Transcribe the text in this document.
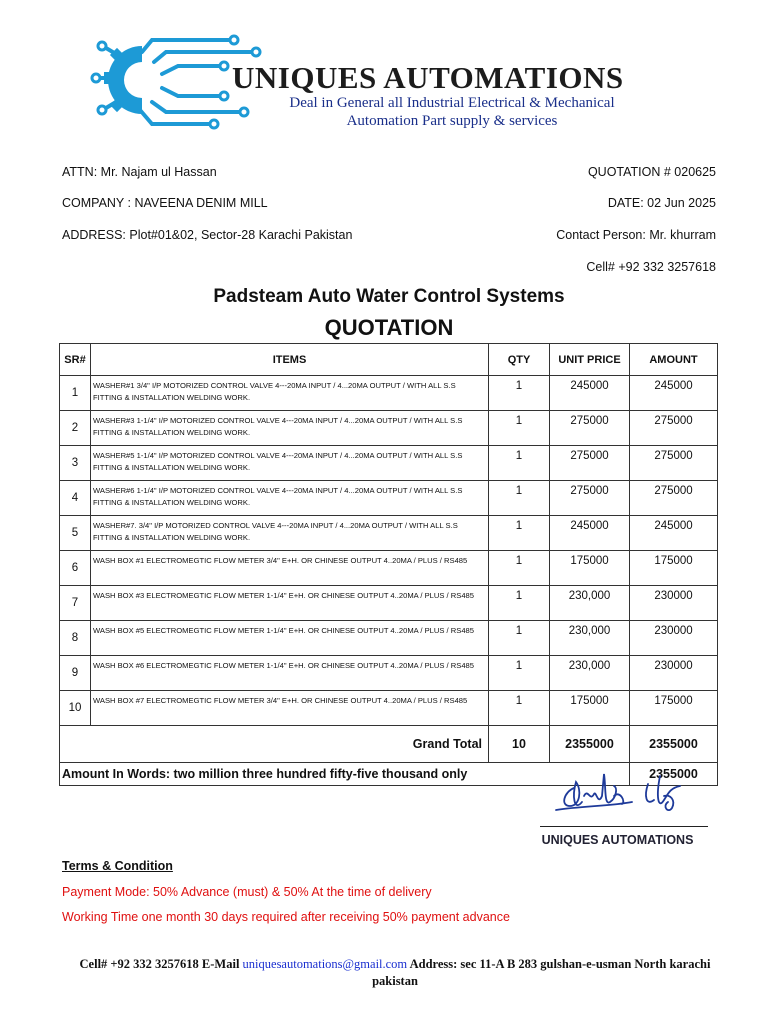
UNIQUES AUTOMATIONS
Deal in General all Industrial Electrical & Mechanical
Automation Part supply & services
ATTN: Mr. Najam ul Hassan
COMPANY : NAVEENA DENIM MILL
ADDRESS: Plot#01&02, Sector-28 Karachi Pakistan
QUOTATION # 020625
DATE: 02 Jun 2025
Contact Person: Mr. khurram
Cell# +92 332 3257618
Padsteam Auto Water Control Systems
QUOTATION
SR#	ITEMS	QTY	UNIT PRICE	AMOUNT
1	WASHER#1 3/4" I/P MOTORIZED CONTROL VALVE 4---20MA INPUT / 4...20MA OUTPUT / WITH ALL S.S FITTING & INSTALLATION WELDING WORK.	1	245000	245000
2	WASHER#3 1-1/4" I/P MOTORIZED CONTROL VALVE 4---20MA INPUT / 4...20MA OUTPUT / WITH ALL S.S FITTING & INSTALLATION WELDING WORK.	1	275000	275000
3	WASHER#5 1-1/4" I/P MOTORIZED CONTROL VALVE 4---20MA INPUT / 4...20MA OUTPUT / WITH ALL S.S FITTING & INSTALLATION WELDING WORK.	1	275000	275000
4	WASHER#6 1-1/4" I/P MOTORIZED CONTROL VALVE 4---20MA INPUT / 4...20MA OUTPUT / WITH ALL S.S FITTING & INSTALLATION WELDING WORK.	1	275000	275000
5	WASHER#7. 3/4" I/P MOTORIZED CONTROL VALVE 4---20MA INPUT / 4...20MA OUTPUT / WITH ALL S.S FITTING & INSTALLATION WELDING WORK.	1	245000	245000
6	WASH BOX #1 ELECTROMEGTIC FLOW METER 3/4" E+H. OR CHINESE OUTPUT 4..20MA / PLUS / RS485	1	175000	175000
7	WASH BOX #3 ELECTROMEGTIC FLOW METER 1-1/4" E+H. OR CHINESE OUTPUT 4..20MA / PLUS / RS485	1	230,000	230000
8	WASH BOX #5 ELECTROMEGTIC FLOW METER 1-1/4" E+H. OR CHINESE OUTPUT 4..20MA / PLUS / RS485	1	230,000	230000
9	WASH BOX #6 ELECTROMEGTIC FLOW METER 1-1/4" E+H. OR CHINESE OUTPUT 4..20MA / PLUS / RS485	1	230,000	230000
10	WASH BOX #7 ELECTROMEGTIC FLOW METER 3/4" E+H. OR CHINESE OUTPUT 4..20MA / PLUS / RS485	1	175000	175000
Grand Total		10	2355000	2355000
Amount In Words: two million three hundred fifty-five thousand only				2355000
UNIQUES AUTOMATIONS
Terms & Condition
Payment Mode: 50% Advance (must) & 50% At the time of delivery
Working Time one month 30 days required after receiving 50% payment advance
Cell# +92 332 3257618 E-Mail uniquesautomations@gmail.com Address: sec 11-A B 283 gulshan-e-usman North karachi pakistan
